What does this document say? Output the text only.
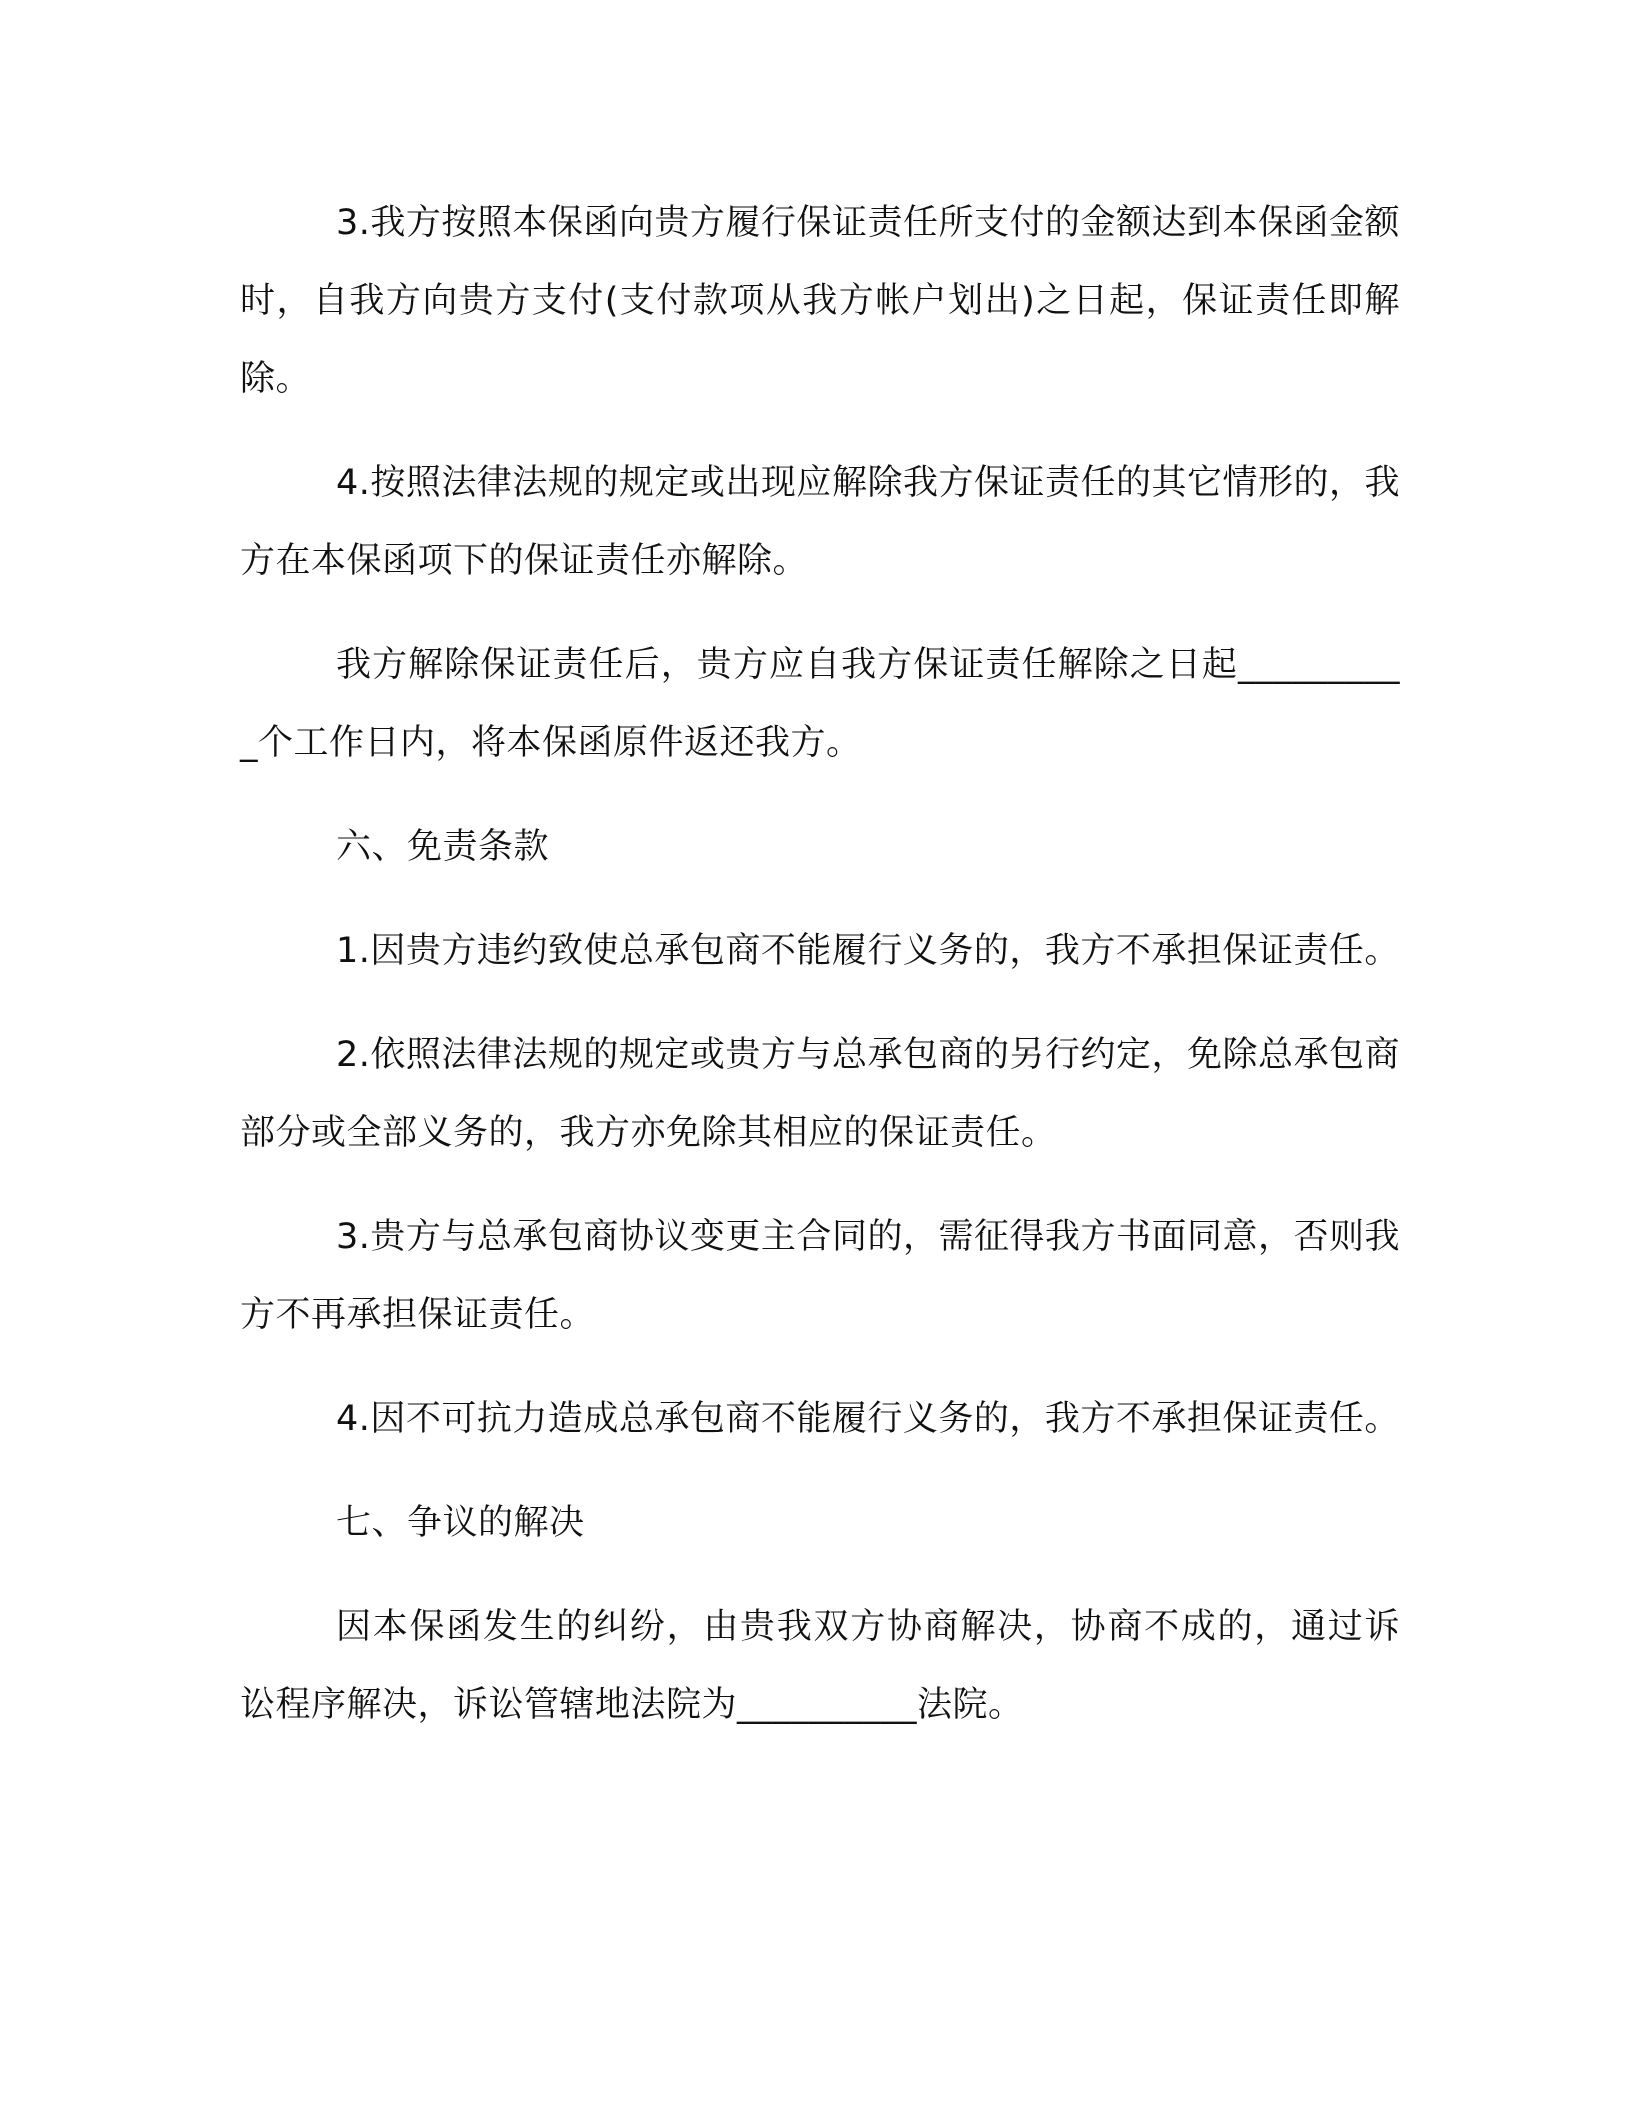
3.我方按照本保函向贵方履行保证责任所支付的金额达到本保函金额时，自我方向贵方支付(支付款项从我方帐户划出)之日起，保证责任即解除。

4.按照法律法规的规定或出现应解除我方保证责任的其它情形的，我方在本保函项下的保证责任亦解除。

我方解除保证责任后，贵方应自我方保证责任解除之日起__________个工作日内，将本保函原件返还我方。

六、免责条款

1.因贵方违约致使总承包商不能履行义务的，我方不承担保证责任。

2.依照法律法规的规定或贵方与总承包商的另行约定，免除总承包商部分或全部义务的，我方亦免除其相应的保证责任。

3.贵方与总承包商协议变更主合同的，需征得我方书面同意，否则我方不再承担保证责任。

4.因不可抗力造成总承包商不能履行义务的，我方不承担保证责任。

七、争议的解决

因本保函发生的纠纷，由贵我双方协商解决，协商不成的，通过诉讼程序解决，诉讼管辖地法院为__________法院。
